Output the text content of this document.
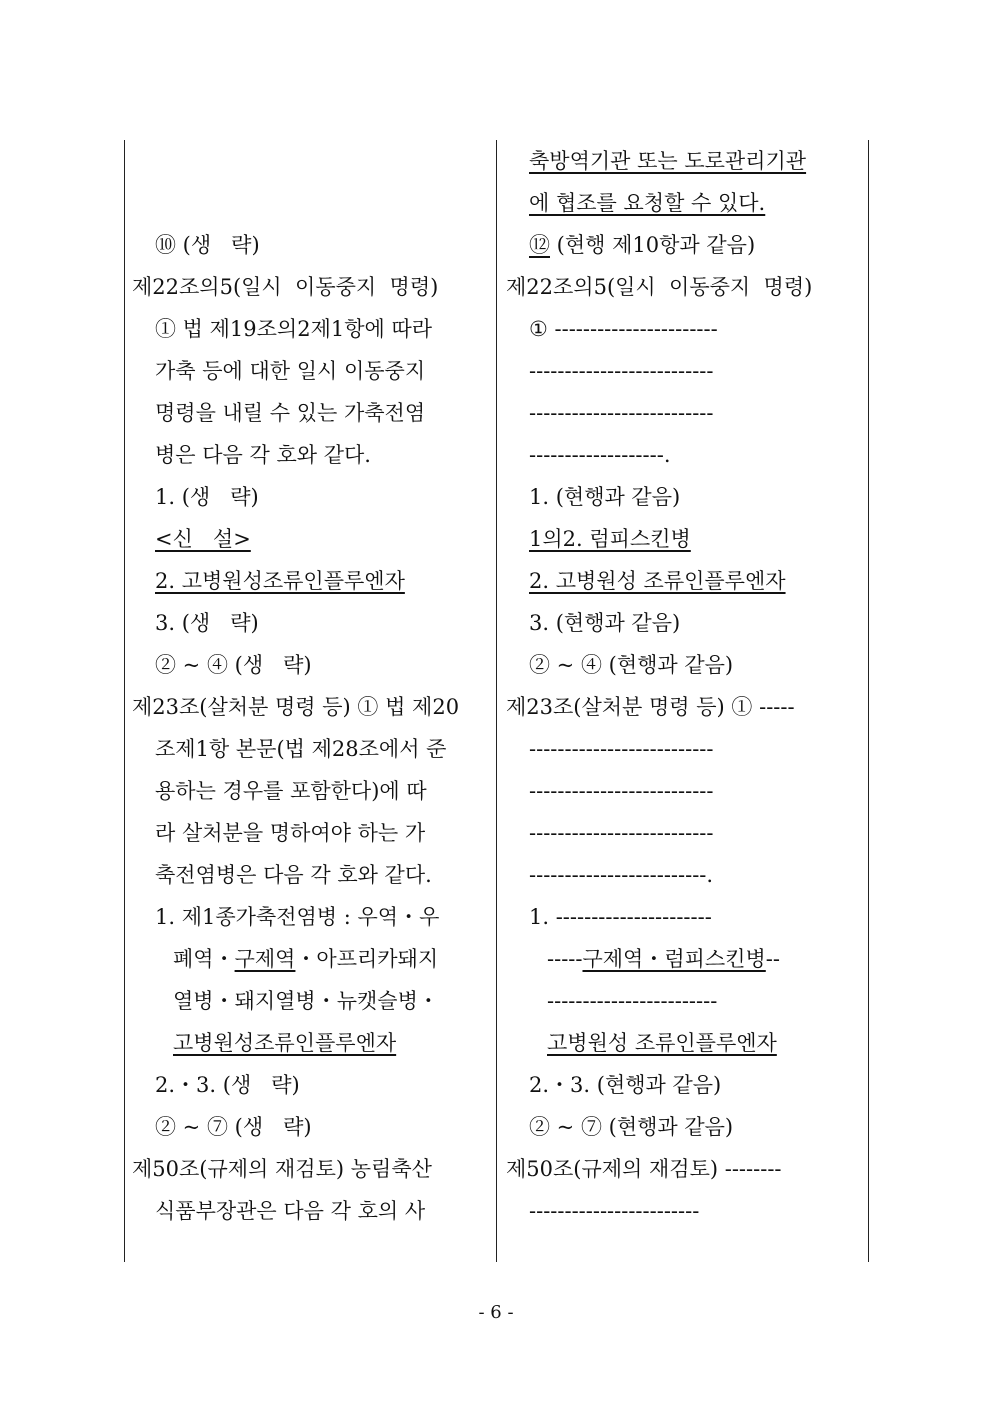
⑩ (생   략)
제22조의5(일시  이동중지  명령)
① 법 제19조의2제1항에 따라
가축 등에 대한 일시 이동중지
명령을 내릴 수 있는 가축전염
병은 다음 각 호와 같다.
1. (생   략)
<신   설>
2. 고병원성조류인플루엔자
3. (생   략)
② ~ ④ (생   략)
제23조(살처분 명령 등) ① 법 제20
조제1항 본문(법 제28조에서 준
용하는 경우를 포함한다)에 따
라 살처분을 명하여야 하는 가
축전염병은 다음 각 호와 같다.
1. 제1종가축전염병 : 우역・우
폐역・구제역・아프리카돼지
열병・돼지열병・뉴캣슬병・
고병원성조류인플루엔자
2.・3. (생   략)
② ~ ⑦ (생   략)
제50조(규제의 재검토) 농림축산
식품부장관은 다음 각 호의 사
축방역기관 또는 도로관리기관
에 협조를 요청할 수 있다.
⑫ (현행 제10항과 같음)
제22조의5(일시  이동중지  명령)
① -----------------------
--------------------------
--------------------------
-------------------.
1. (현행과 같음)
1의2. 럼피스킨병
2. 고병원성 조류인플루엔자
3. (현행과 같음)
② ~ ④ (현행과 같음)
제23조(살처분 명령 등) ① -----
--------------------------
--------------------------
--------------------------
-------------------------.
1. ----------------------
-----구제역・럼피스킨병--
------------------------
고병원성 조류인플루엔자
2.・3. (현행과 같음)
② ~ ⑦ (현행과 같음)
제50조(규제의 재검토) --------
------------------------
- 6 -
